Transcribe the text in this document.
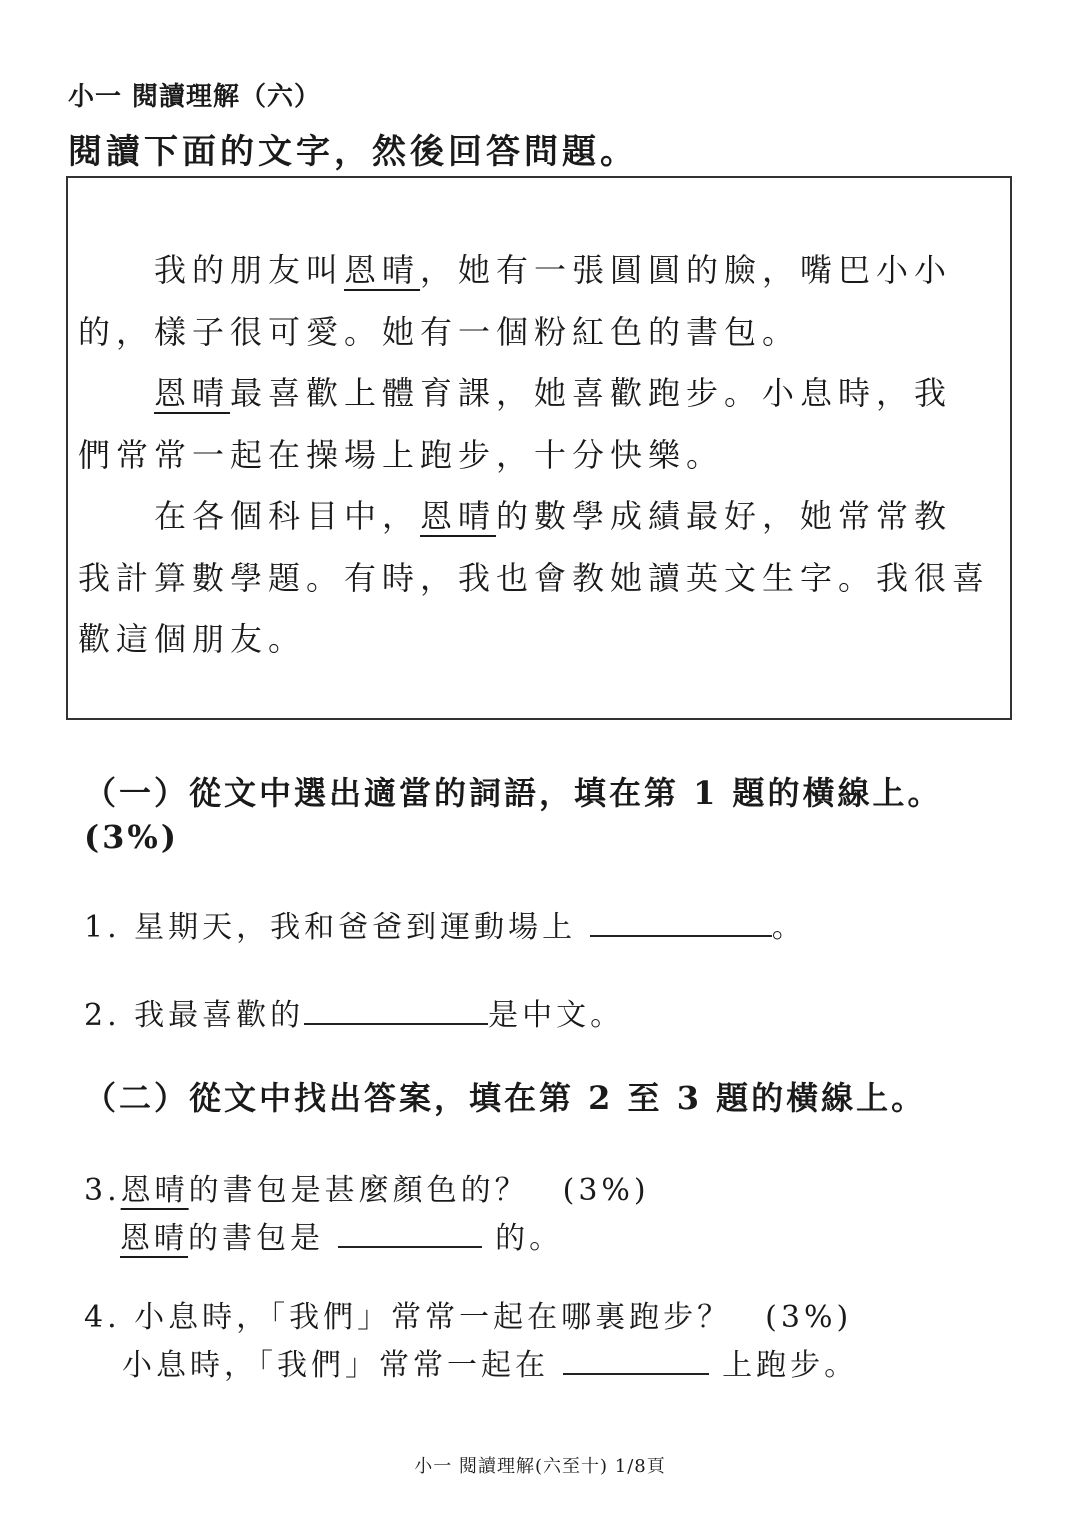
小一 閱讀理解（六）
閱讀下面的文字，然後回答問題。

我的朋友叫恩晴，她有一張圓圓的臉，嘴巴小小的，樣子很可愛。她有一個粉紅色的書包。

恩晴最喜歡上體育課，她喜歡跑步。小息時，我們常常一起在操場上跑步，十分快樂。

在各個科目中，恩晴的數學成績最好，她常常教我計算數學題。有時，我也會教她讀英文生字。我很喜歡這個朋友。

（一）從文中選出適當的詞語，填在第 1 題的橫線上。
(3%)
1. 星期天，我和爸爸到運動場上	。
2. 我最喜歡的	是中文。
（二）從文中找出答案，填在第 2 至 3 題的橫線上。
3.恩晴的書包是甚麼顏色的？　 (3%)
恩晴的書包是	的。
4. 小息時，「我們」常常一起在哪裏跑步？　 (3%)
小息時，「我們」常常一起在	上跑步。
小一 閱讀理解(六至十) 1/8頁
